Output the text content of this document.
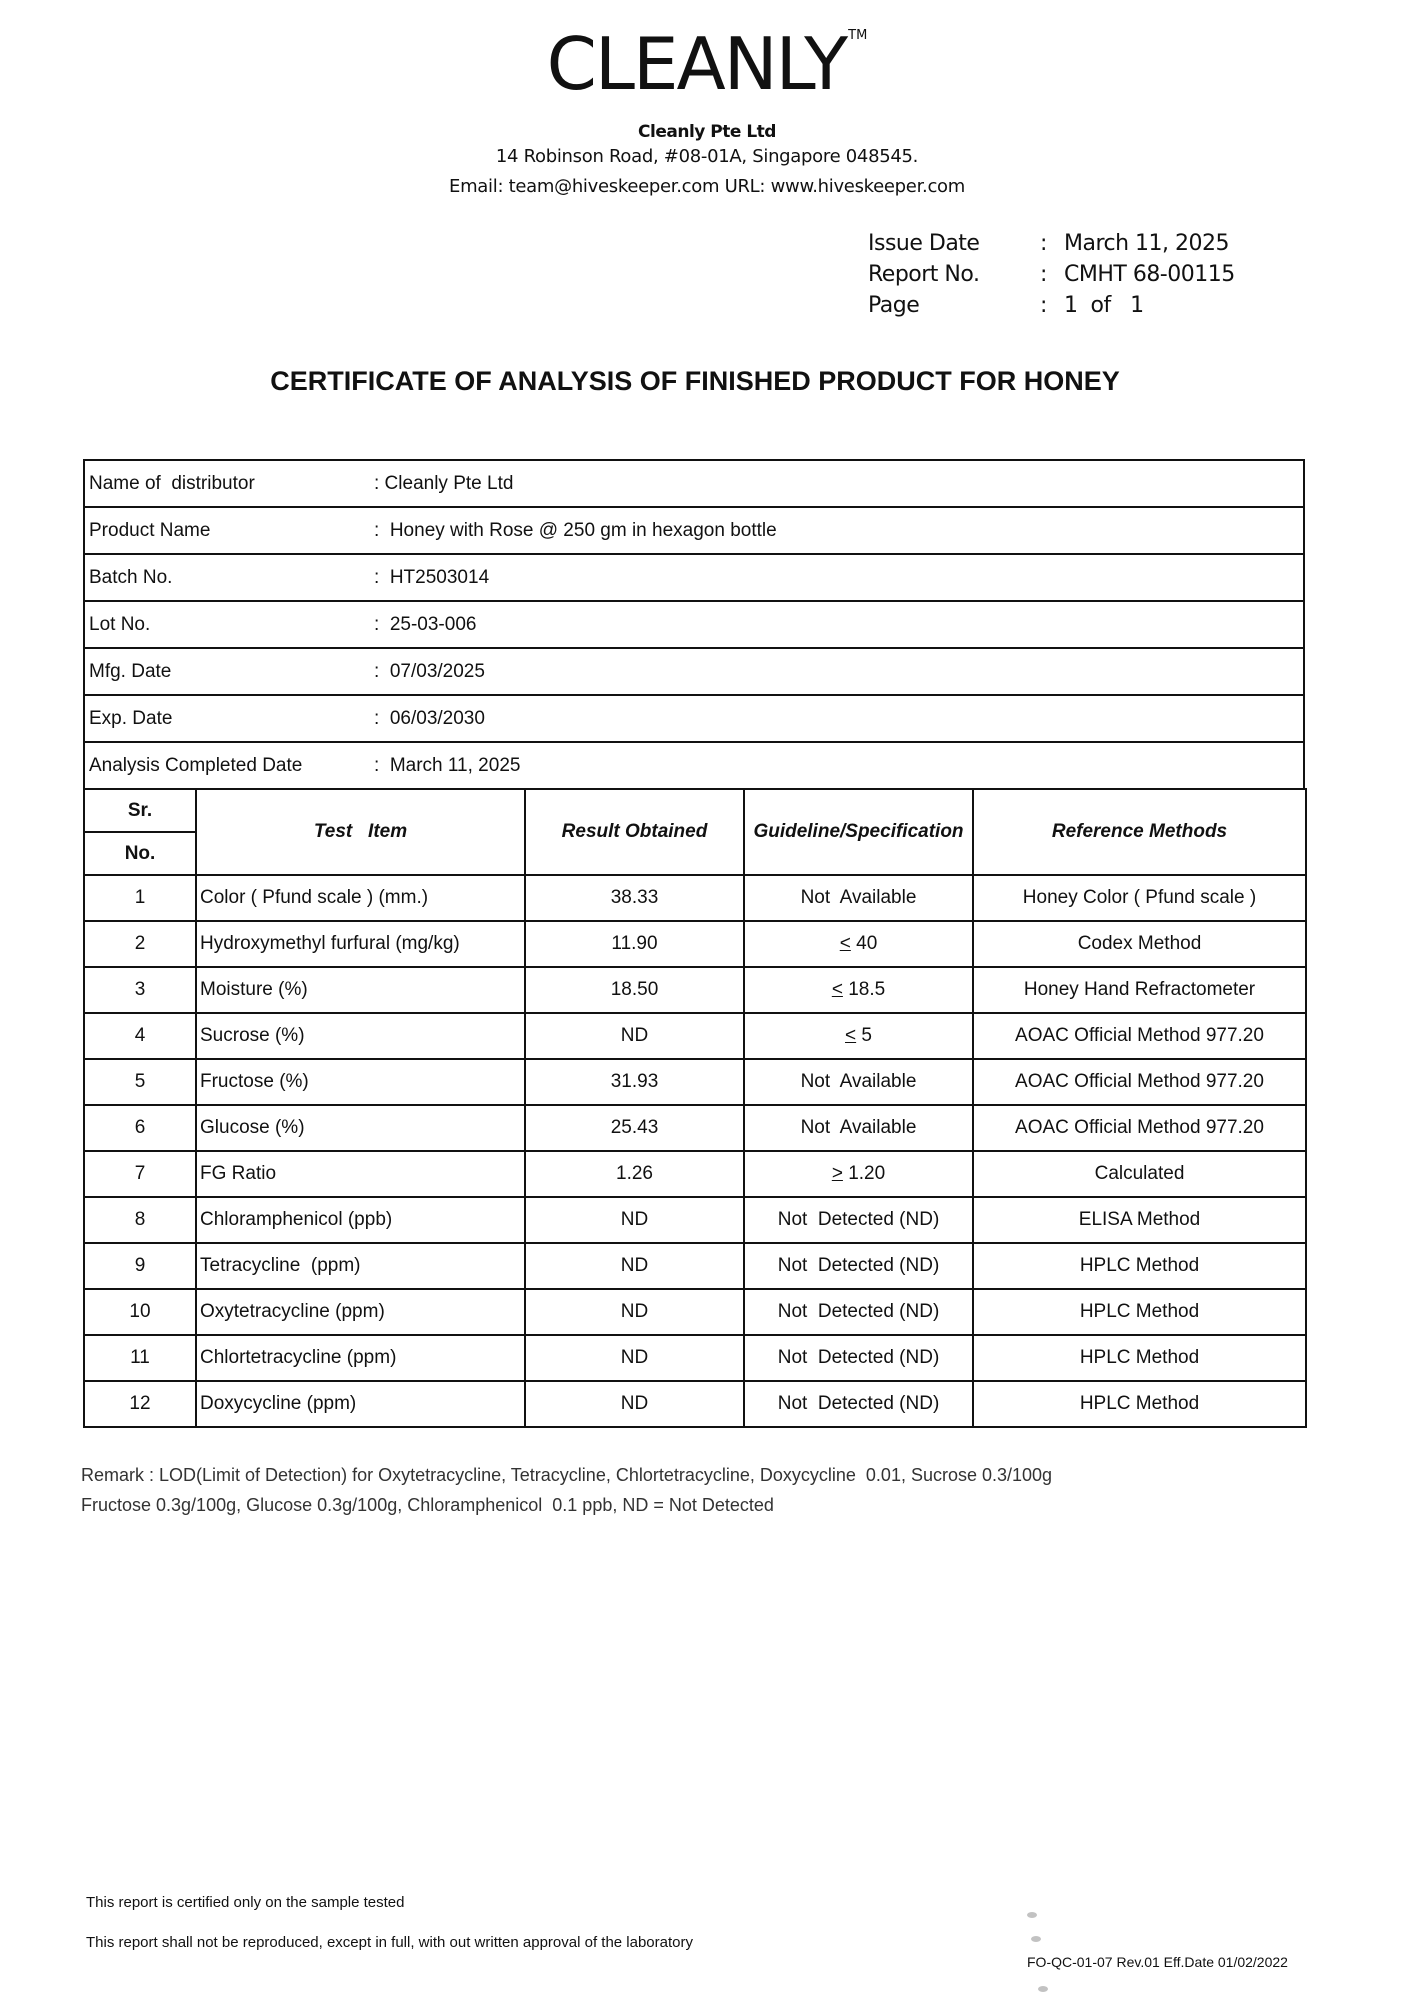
CLEANLY ™
Cleanly Pte Ltd
14 Robinson Road, #08-01A, Singapore 048545.
Email: team@hiveskeeper.com URL: www.hiveskeeper.com
Issue Date	: March 11, 2025
Report No.	: CMHT 68-00115
Page	: 1  of   1
CERTIFICATE OF ANALYSIS OF FINISHED PRODUCT FOR HONEY
Name of  distributor	: Cleanly Pte Ltd
Product Name	:  Honey with Rose @ 250 gm in hexagon bottle
Batch No.	:  HT2503014
Lot No.	:  25-03-006
Mfg. Date	:  07/03/2025
Exp. Date	:  06/03/2030
Analysis Completed Date	:  March 11, 2025
Sr.	Test   Item	Result Obtained	Guideline/Specification	Reference Methods
No.				
1	Color ( Pfund scale ) (mm.)	38.33	Not  Available	Honey Color ( Pfund scale )
2	Hydroxymethyl furfural (mg/kg)	11.90	< 40	Codex Method
3	Moisture (%)	18.50	< 18.5	Honey Hand Refractometer
4	Sucrose (%)	ND	< 5	AOAC Official Method 977.20
5	Fructose (%)	31.93	Not  Available	AOAC Official Method 977.20
6	Glucose (%)	25.43	Not  Available	AOAC Official Method 977.20
7	FG Ratio	1.26	> 1.20	Calculated
8	Chloramphenicol (ppb)	ND	Not  Detected (ND)	ELISA Method
9	Tetracycline  (ppm)	ND	Not  Detected (ND)	HPLC Method
10	Oxytetracycline (ppm)	ND	Not  Detected (ND)	HPLC Method
11	Chlortetracycline (ppm)	ND	Not  Detected (ND)	HPLC Method
12	Doxycycline (ppm)	ND	Not  Detected (ND)	HPLC Method
Remark : LOD(Limit of Detection) for Oxytetracycline, Tetracycline, Chlortetracycline, Doxycycline  0.01, Sucrose 0.3/100g
Fructose 0.3g/100g, Glucose 0.3g/100g, Chloramphenicol  0.1 ppb, ND = Not Detected
This report is certified only on the sample tested
This report shall not be reproduced, except in full, with out written approval of the laboratory
FO-QC-01-07 Rev.01 Eff.Date 01/02/2022
